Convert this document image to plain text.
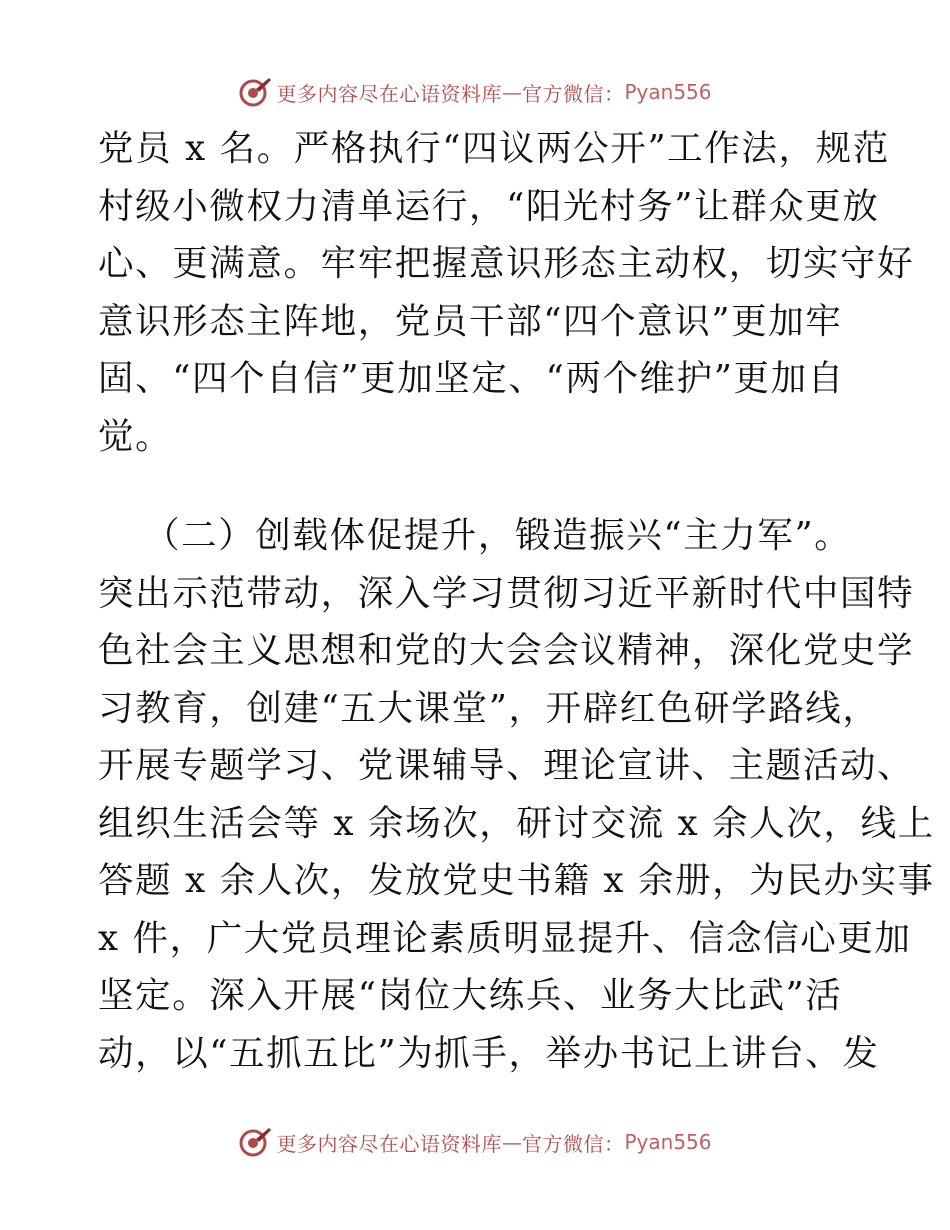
更多内容尽在心语资料库 — 官方微信： Pyan556
党员 x 名。严格执行“四议两公开”工作法，规范
村级小微权力清单运行，“阳光村务”让群众更放
心、更满意。牢牢把握意识形态主动权，切实守好
意识形态主阵地，党员干部“四个意识”更加牢
固、“四个自信”更加坚定、“两个维护”更加自
觉。
（二）创载体促提升，锻造振兴“主力军”。
突出示范带动，深入学习贯彻习近平新时代中国特
色社会主义思想和党的大会会议精神，深化党史学
习教育，创建“五大课堂”，开辟红色研学路线，
开展专题学习、党课辅导、理论宣讲、主题活动、
组织生活会等 x 余场次，研讨交流 x 余人次，线上
答题 x 余人次，发放党史书籍 x 余册，为民办实事
x 件，广大党员理论素质明显提升、信念信心更加
坚定。深入开展“岗位大练兵、业务大比武”活
动，以“五抓五比”为抓手，举办书记上讲台、发
更多内容尽在心语资料库 — 官方微信： Pyan556
